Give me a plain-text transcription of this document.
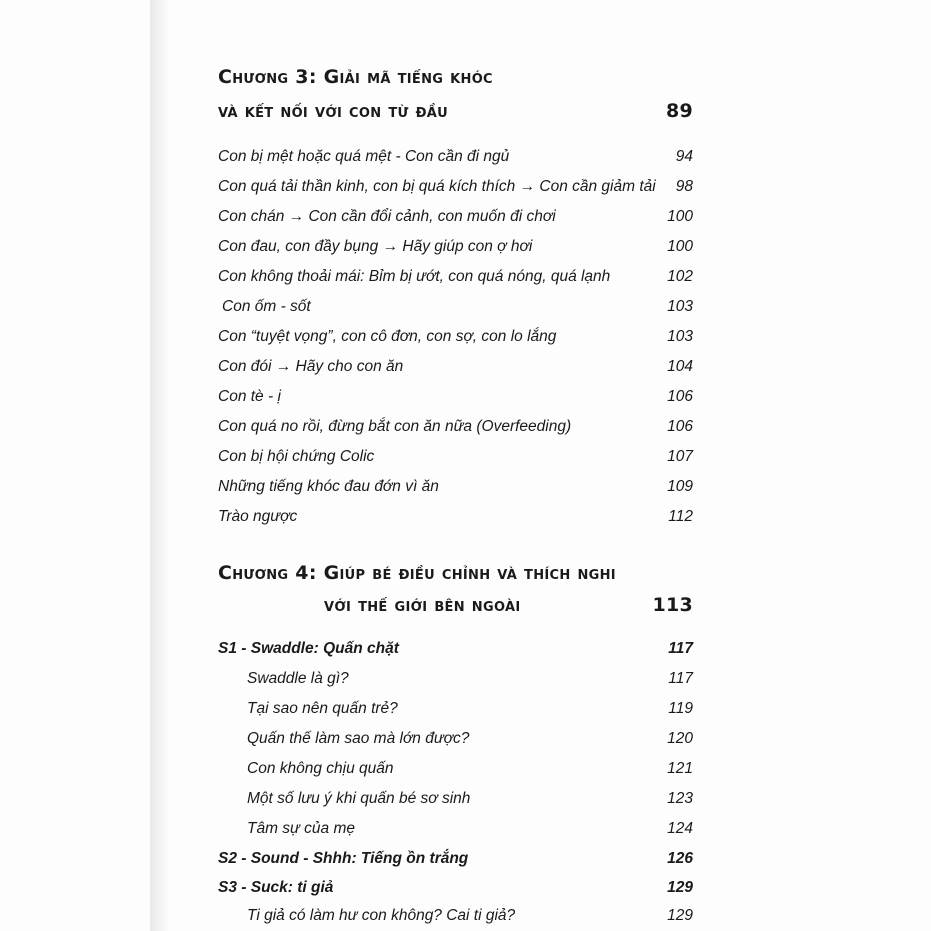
Chương 3: Giải mã tiếng khóc
và kết nối với con từ đầu	89
Con bị mệt hoặc quá mệt - Con cần đi ngủ	94
Con quá tải thần kinh, con bị quá kích thích → Con cần giảm tải 98
Con chán → Con cần đổi cảnh, con muốn đi chơi	100
Con đau, con đầy bụng → Hãy giúp con ợ hơi	100
Con không thoải mái: Bỉm bị ướt, con quá nóng, quá lạnh	102
Con ốm - sốt	103
Con “tuyệt vọng”, con cô đơn, con sợ, con lo lắng	103
Con đói → Hãy cho con ăn	104
Con tè - ị	106
Con quá no rồi, đừng bắt con ăn nữa (Overfeeding)	106
Con bị hội chứng Colic	107
Những tiếng khóc đau đớn vì ăn	109
Trào ngược	112
Chương 4: Giúp bé điều chỉnh và thích nghi
với thế giới bên ngoài	113
S1 - Swaddle: Quấn chặt	117
Swaddle là gì?	117
Tại sao nên quấn trẻ?	119
Quấn thế làm sao mà lớn được?	120
Con không chịu quấn	121
Một số lưu ý khi quấn bé sơ sinh	123
Tâm sự của mẹ	124
S2 - Sound - Shhh: Tiếng ồn trắng	126
S3 - Suck: ti giả	129
Ti giả có làm hư con không? Cai ti giả?	129
